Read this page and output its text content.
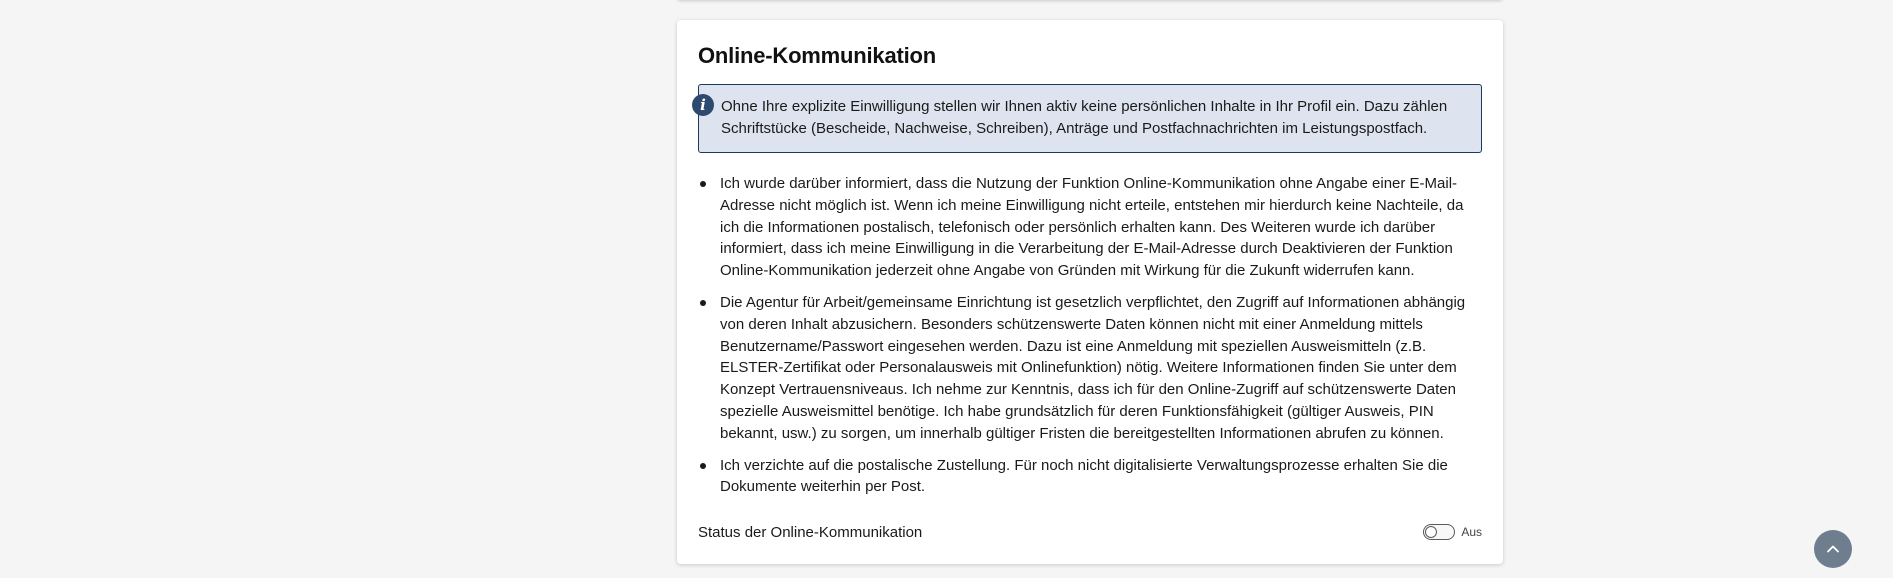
Online-Kommunikation
i	Ohne Ihre explizite Einwilligung stellen wir Ihnen aktiv keine persönlichen Inhalte in Ihr Profil ein. Dazu zählen Schriftstücke (Bescheide, Nachweise, Schreiben), Anträge und Postfachnachrichten im Leistungspostfach.
Ich wurde darüber informiert, dass die Nutzung der Funktion Online-Kommunikation ohne Angabe einer E-Mail-Adresse nicht möglich ist. Wenn ich meine Einwilligung nicht erteile, entstehen mir hierdurch keine Nachteile, da ich die Informationen postalisch, telefonisch oder persönlich erhalten kann. Des Weiteren wurde ich darüber informiert, dass ich meine Einwilligung in die Verarbeitung der E-Mail-Adresse durch Deaktivieren der Funktion Online-Kommunikation jederzeit ohne Angabe von Gründen mit Wirkung für die Zukunft widerrufen kann.
Die Agentur für Arbeit/gemeinsame Einrichtung ist gesetzlich verpflichtet, den Zugriff auf Informationen abhängig von deren Inhalt abzusichern. Besonders schützenswerte Daten können nicht mit einer Anmeldung mittels Benutzername/Passwort eingesehen werden. Dazu ist eine Anmeldung mit speziellen Ausweismitteln (z.B. ELSTER-Zertifikat oder Personalausweis mit Onlinefunktion) nötig. Weitere Informationen finden Sie unter dem Konzept Vertrauensniveaus. Ich nehme zur Kenntnis, dass ich für den Online-Zugriff auf schützenswerte Daten spezielle Ausweismittel benötige. Ich habe grundsätzlich für deren Funktionsfähigkeit (gültiger Ausweis, PIN bekannt, usw.) zu sorgen, um innerhalb gültiger Fristen die bereitgestellten Informationen abrufen zu können.
Ich verzichte auf die postalische Zustellung. Für noch nicht digitalisierte Verwaltungsprozesse erhalten Sie die Dokumente weiterhin per Post.
Status der Online-Kommunikation	Aus
